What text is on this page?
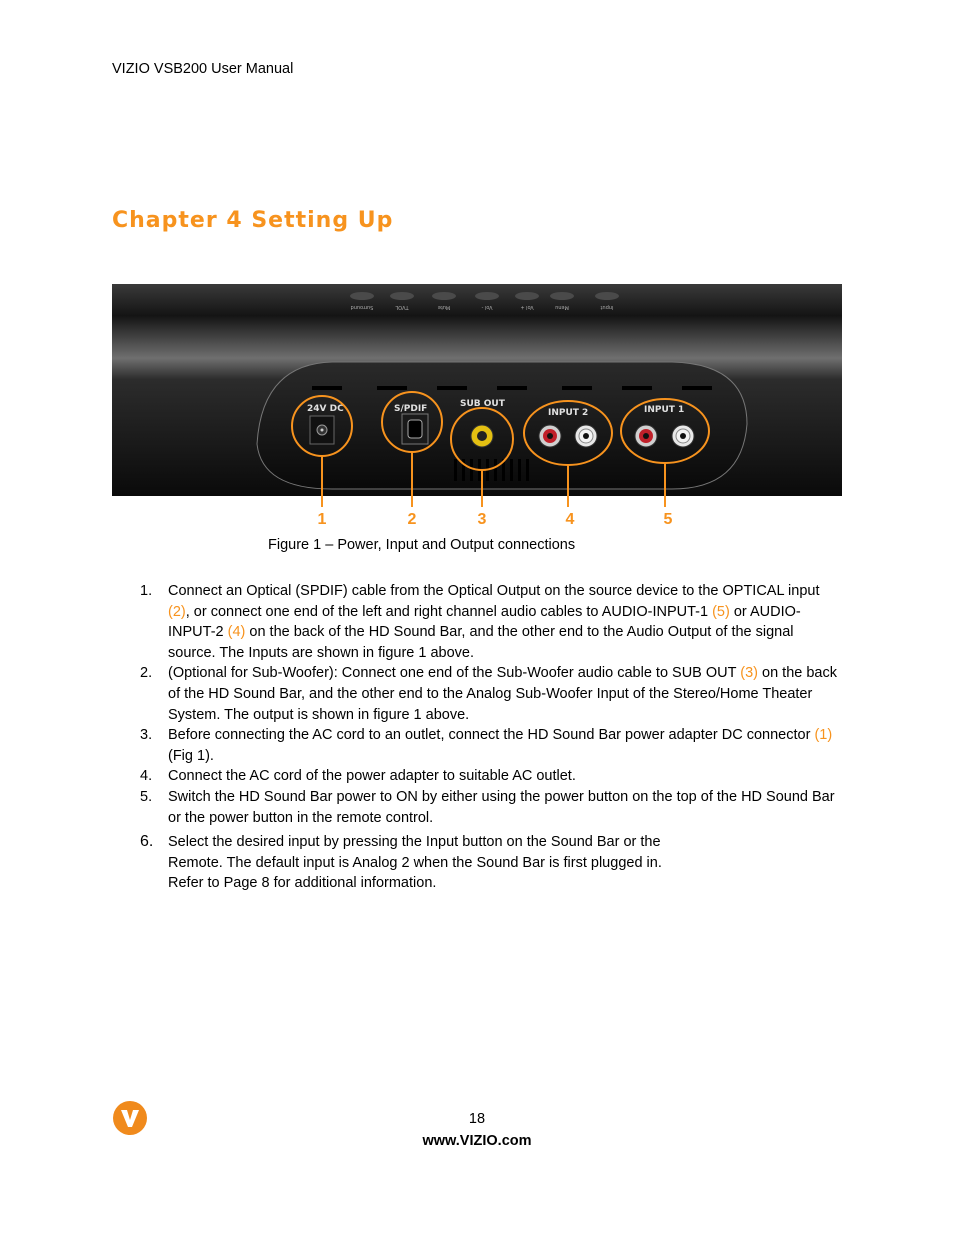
VIZIO VSB200 User Manual
Chapter 4 Setting Up
Input
Menu
Vol +
Vol -
Mute
TVOL
Surround
24V DC	S/PDIF	SUB OUT
INPUT 2	INPUT 1
1	2	3	4	5
Figure 1 – Power, Input and Output connections
1. Connect an Optical (SPDIF) cable from the Optical Output on the source device to the OPTICAL input (2), or connect one end of the left and right channel audio cables to AUDIO-INPUT-1 (5) or AUDIO-INPUT-2 (4) on the back of the HD Sound Bar, and the other end to the Audio Output of the signal source. The Inputs are shown in figure 1 above.
2. (Optional for Sub-Woofer): Connect one end of the Sub-Woofer audio cable to SUB OUT (3) on the back of the HD Sound Bar, and the other end to the Analog Sub-Woofer Input of the Stereo/Home Theater System. The output is shown in figure 1 above.
3. Before connecting the AC cord to an outlet, connect the HD Sound Bar power adapter DC connector (1) (Fig 1).
4. Connect the AC cord of the power adapter to suitable AC outlet.
5. Switch the HD Sound Bar power to ON by either using the power button on the top of the HD Sound Bar or the power button in the remote control.
6. Select the desired input by pressing the Input button on the Sound Bar or the
Remote. The default input is Analog 2 when the Sound Bar is first plugged in.
Refer to Page 8 for additional information.
18
www.VIZIO.com
